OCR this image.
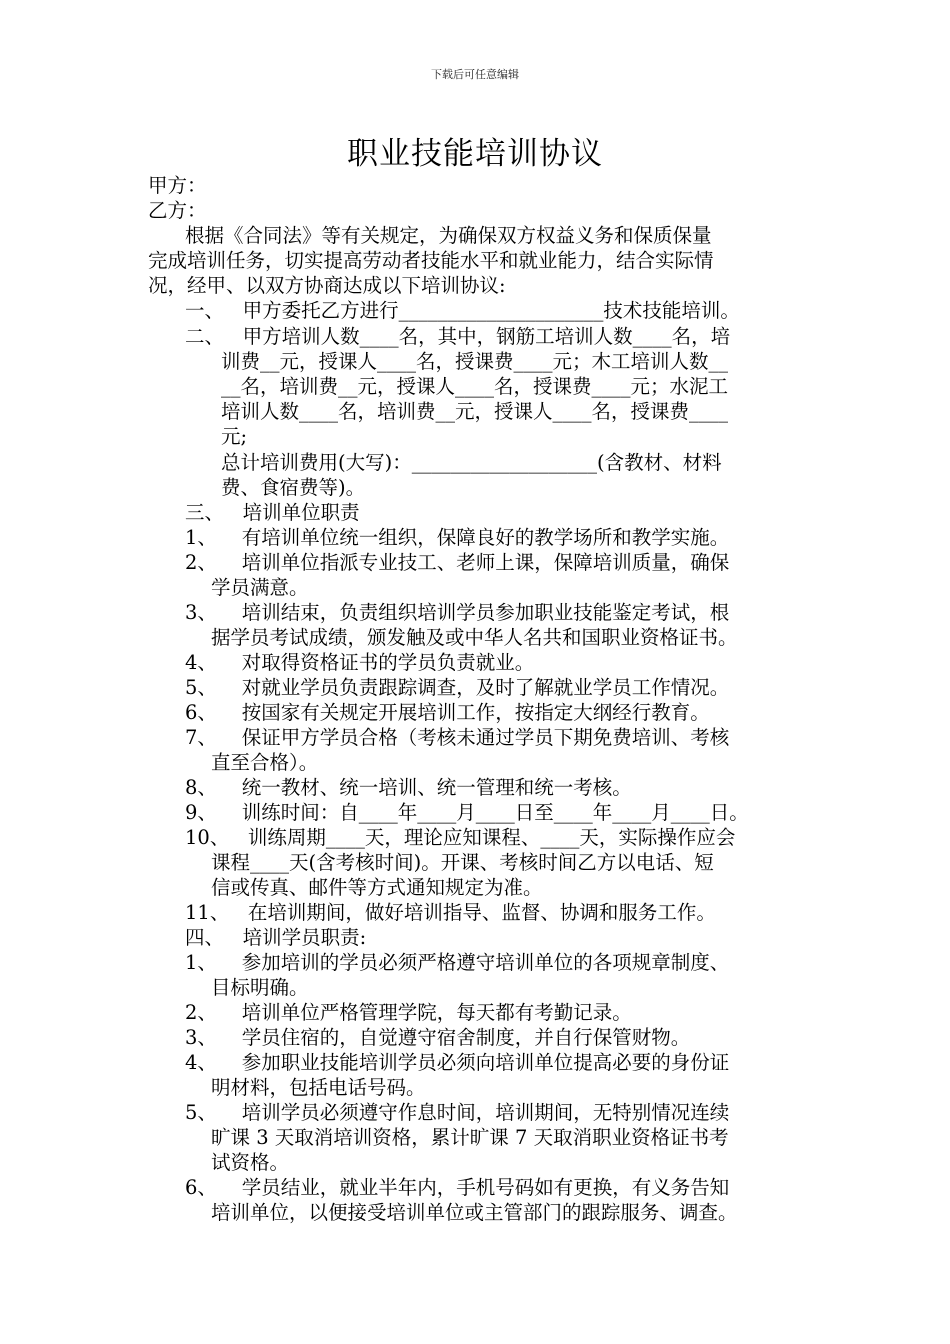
下载后可任意编辑
职业技能培训协议
甲方：
乙方：
根据《合同法》等有关规定，为确保双方权益义务和保质保量
完成培训任务，切实提高劳动者技能水平和就业能力，结合实际情
况，经甲、以双方协商达成以下培训协议:
一、   甲方委托乙方进行_____________________技术技能培训。
二、   甲方培训人数____名，其中，钢筋工培训人数____名，培
训费__元，授课人____名，授课费____元；木工培训人数__
__名，培训费__元，授课人____名，授课费____元；水泥工
培训人数____名，培训费__元，授课人____名，授课费____
元;
总计培训费用(大写)：___________________(含教材、材料
费、食宿费等)。
三、   培训单位职责
1、    有培训单位统一组织，保障良好的教学场所和教学实施。
2、    培训单位指派专业技工、老师上课，保障培训质量，确保
学员满意。
3、    培训结束，负责组织培训学员参加职业技能鉴定考试，根
据学员考试成绩，颁发触及或中华人名共和国职业资格证书。
4、    对取得资格证书的学员负责就业。
5、    对就业学员负责跟踪调查，及时了解就业学员工作情况。
6、    按国家有关规定开展培训工作，按指定大纲经行教育。
7、    保证甲方学员合格（考核未通过学员下期免费培训、考核
直至合格）。
8、    统一教材、统一培训、统一管理和统一考核。
9、    训练时间：自____年____月____日至____年____月____日。
10、   训练周期____天，理论应知课程、____天，实际操作应会
课程____天(含考核时间)。开课、考核时间乙方以电话、短
信或传真、邮件等方式通知规定为准。
11、   在培训期间，做好培训指导、监督、协调和服务工作。
四、   培训学员职责:
1、    参加培训的学员必须严格遵守培训单位的各项规章制度、
目标明确。
2、    培训单位严格管理学院，每天都有考勤记录。
3、    学员住宿的，自觉遵守宿舍制度，并自行保管财物。
4、    参加职业技能培训学员必须向培训单位提高必要的身份证
明材料，包括电话号码。
5、    培训学员必须遵守作息时间，培训期间，无特别情况连续
旷课 3 天取消培训资格，累计旷课 7 天取消职业资格证书考
试资格。
6、    学员结业，就业半年内，手机号码如有更换，有义务告知
培训单位，以便接受培训单位或主管部门的跟踪服务、调查。
